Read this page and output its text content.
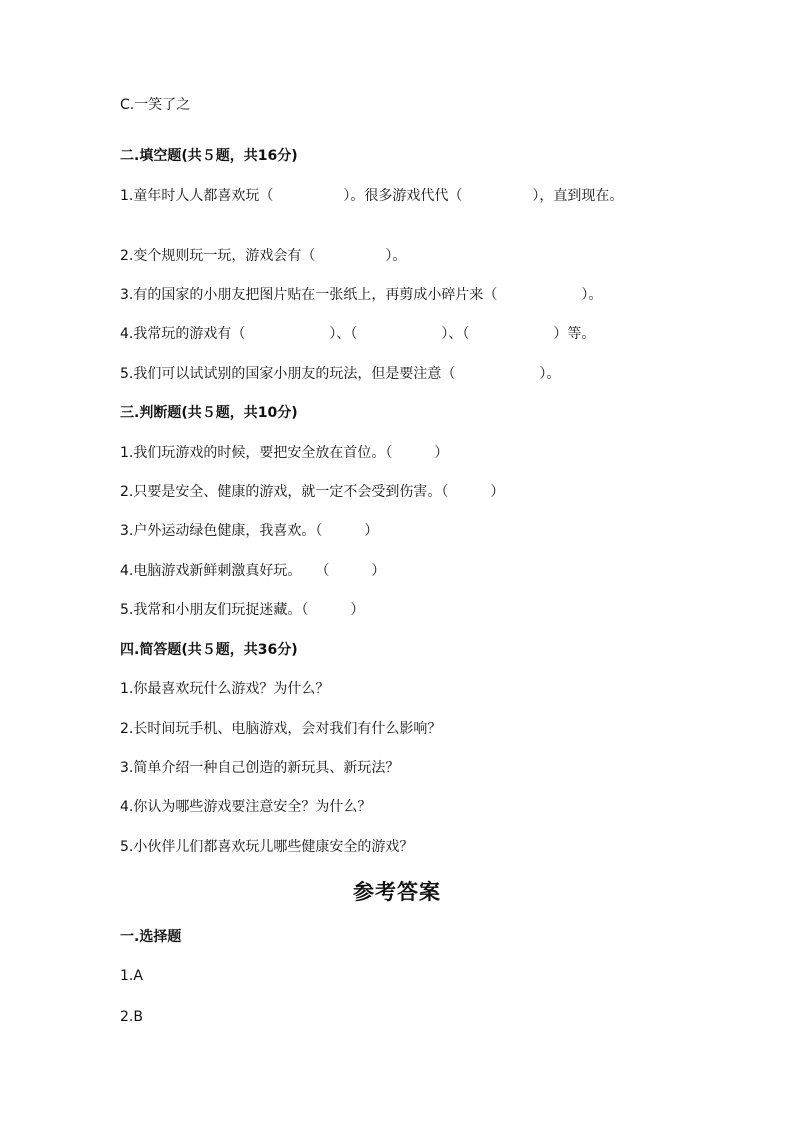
C.一笑了之
二.填空题(共５题，共16分)
1.童年时人人都喜欢玩（　　　　　）。很多游戏代代（　　　　　），直到现在。
2.变个规则玩一玩，游戏会有（　　　　　）。
3.有的国家的小朋友把图片贴在一张纸上，再剪成小碎片来（　　　　　　）。
4.我常玩的游戏有（　　　　　　）、（　　　　　　）、（　　　　　　）等。
5.我们可以试试别的国家小朋友的玩法，但是要注意（　　　　　　）。
三.判断题(共５题，共10分)
1.我们玩游戏的时候，要把安全放在首位。（　　　）
2.只要是安全、健康的游戏，就一定不会受到伤害。（　　　）
3.户外运动绿色健康，我喜欢。（　　　）
4.电脑游戏新鲜刺激真好玩。　　（　　　）
5.我常和小朋友们玩捉迷藏。（　　　）
四.简答题(共５题，共36分)
1.你最喜欢玩什么游戏？为什么？
2.长时间玩手机、电脑游戏，会对我们有什么影响？
3.简单介绍一种自己创造的新玩具、新玩法？
4.你认为哪些游戏要注意安全？为什么？
5.小伙伴儿们都喜欢玩儿哪些健康安全的游戏？
参考答案
一.选择题
1.A
2.B
